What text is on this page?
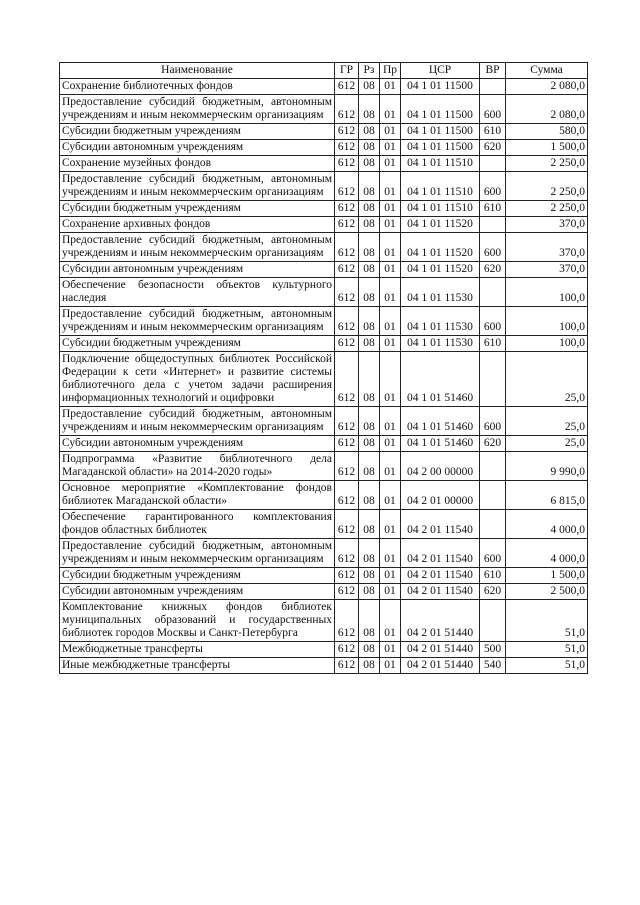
Наименование	ГР	Рз	Пр	ЦСР	ВР	Сумма
Сохранение библиотечных фондов	612	08	01	04 1 01 11500		2 080,0
Предоставление субсидий бюджетным, автономным учреждениям и иным некоммерческим организациям	612	08	01	04 1 01 11500	600	2 080,0
Субсидии бюджетным учреждениям	612	08	01	04 1 01 11500	610	580,0
Субсидии автономным учреждениям	612	08	01	04 1 01 11500	620	1 500,0
Сохранение музейных фондов	612	08	01	04 1 01 11510		2 250,0
Предоставление субсидий бюджетным, автономным учреждениям и иным некоммерческим организациям	612	08	01	04 1 01 11510	600	2 250,0
Субсидии бюджетным учреждениям	612	08	01	04 1 01 11510	610	2 250,0
Сохранение архивных фондов	612	08	01	04 1 01 11520		370,0
Предоставление субсидий бюджетным, автономным учреждениям и иным некоммерческим организациям	612	08	01	04 1 01 11520	600	370,0
Субсидии автономным учреждениям	612	08	01	04 1 01 11520	620	370,0
Обеспечение безопасности объектов культурного наследия	612	08	01	04 1 01 11530		100,0
Предоставление субсидий бюджетным, автономным учреждениям и иным некоммерческим организациям	612	08	01	04 1 01 11530	600	100,0
Субсидии бюджетным учреждениям	612	08	01	04 1 01 11530	610	100,0
Подключение общедоступных библиотек Российской Федерации к сети «Интернет» и развитие системы библиотечного дела с учетом задачи расширения информационных технологий и оцифровки	612	08	01	04 1 01 51460		25,0
Предоставление субсидий бюджетным, автономным учреждениям и иным некоммерческим организациям	612	08	01	04 1 01 51460	600	25,0
Субсидии автономным учреждениям	612	08	01	04 1 01 51460	620	25,0
Подпрограмма «Развитие библиотечного дела Магаданской области» на 2014-2020 годы»	612	08	01	04 2 00 00000		9 990,0
Основное мероприятие «Комплектование фондов библиотек Магаданской области»	612	08	01	04 2 01 00000		6 815,0
Обеспечение гарантированного комплектования фондов областных библиотек	612	08	01	04 2 01 11540		4 000,0
Предоставление субсидий бюджетным, автономным учреждениям и иным некоммерческим организациям	612	08	01	04 2 01 11540	600	4 000,0
Субсидии бюджетным учреждениям	612	08	01	04 2 01 11540	610	1 500,0
Субсидии автономным учреждениям	612	08	01	04 2 01 11540	620	2 500,0
Комплектование книжных фондов библиотек муниципальных образований и государственных библиотек городов Москвы и Санкт-Петербурга	612	08	01	04 2 01 51440		51,0
Межбюджетные трансферты	612	08	01	04 2 01 51440	500	51,0
Иные межбюджетные трансферты	612	08	01	04 2 01 51440	540	51,0
